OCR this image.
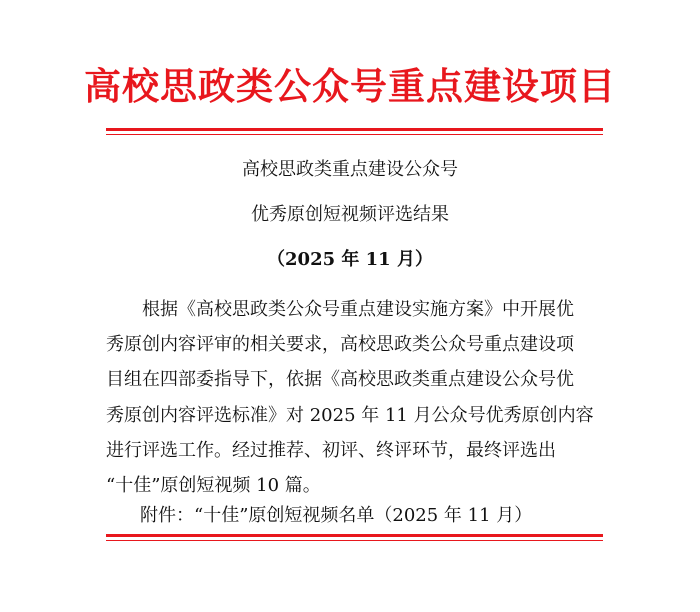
高校思政类公众号重点建设项目
高校思政类重点建设公众号
优秀原创短视频评选结果
（2025 年 11 月）
　　根据《高校思政类公众号重点建设实施方案》中开展优
秀原创内容评审的相关要求，高校思政类公众号重点建设项
目组在四部委指导下，依据《高校思政类重点建设公众号优
秀原创内容评选标准》对 2025 年 11 月公众号优秀原创内容
进行评选工作。经过推荐、初评、终评环节，最终评选出
“十佳”原创短视频 10 篇。
附件：“十佳”原创短视频名单（2025 年 11 月）
